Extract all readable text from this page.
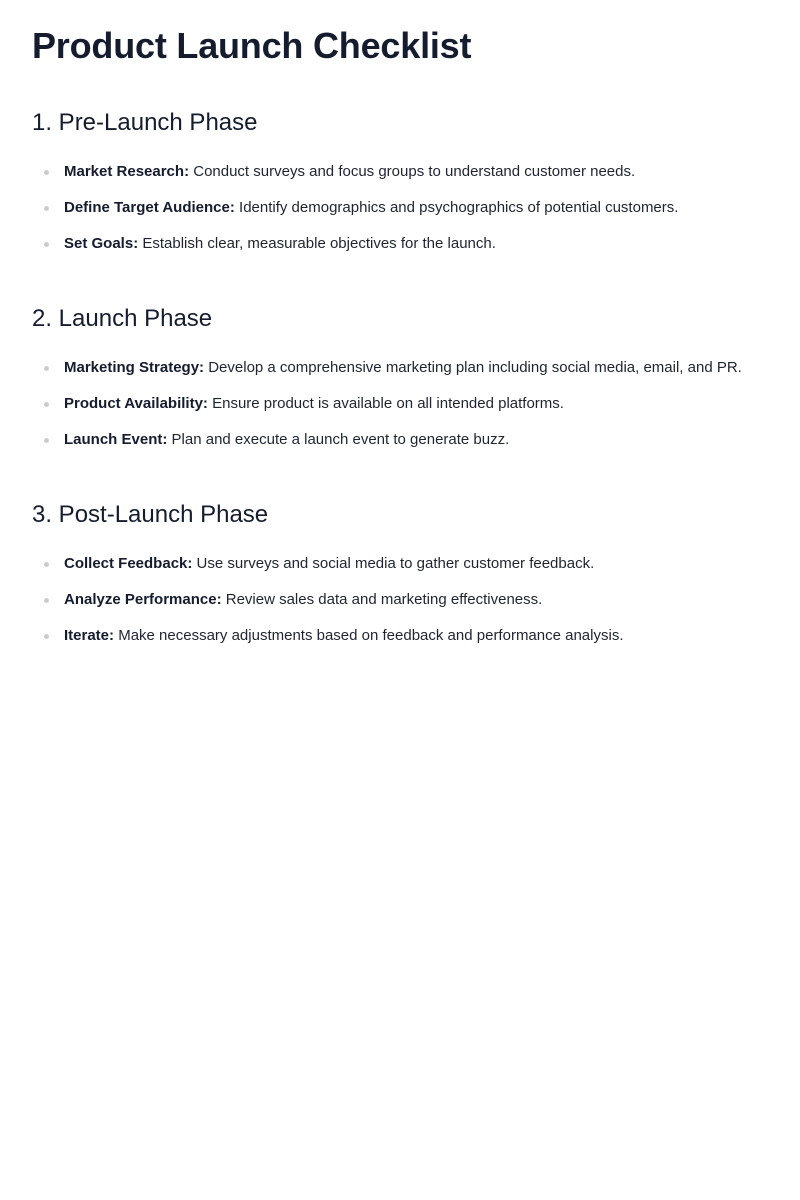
Product Launch Checklist
1. Pre-Launch Phase
Market Research: Conduct surveys and focus groups to understand customer needs.
Define Target Audience: Identify demographics and psychographics of potential customers.
Set Goals: Establish clear, measurable objectives for the launch.
2. Launch Phase
Marketing Strategy: Develop a comprehensive marketing plan including social media, email, and PR.
Product Availability: Ensure product is available on all intended platforms.
Launch Event: Plan and execute a launch event to generate buzz.
3. Post-Launch Phase
Collect Feedback: Use surveys and social media to gather customer feedback.
Analyze Performance: Review sales data and marketing effectiveness.
Iterate: Make necessary adjustments based on feedback and performance analysis.
